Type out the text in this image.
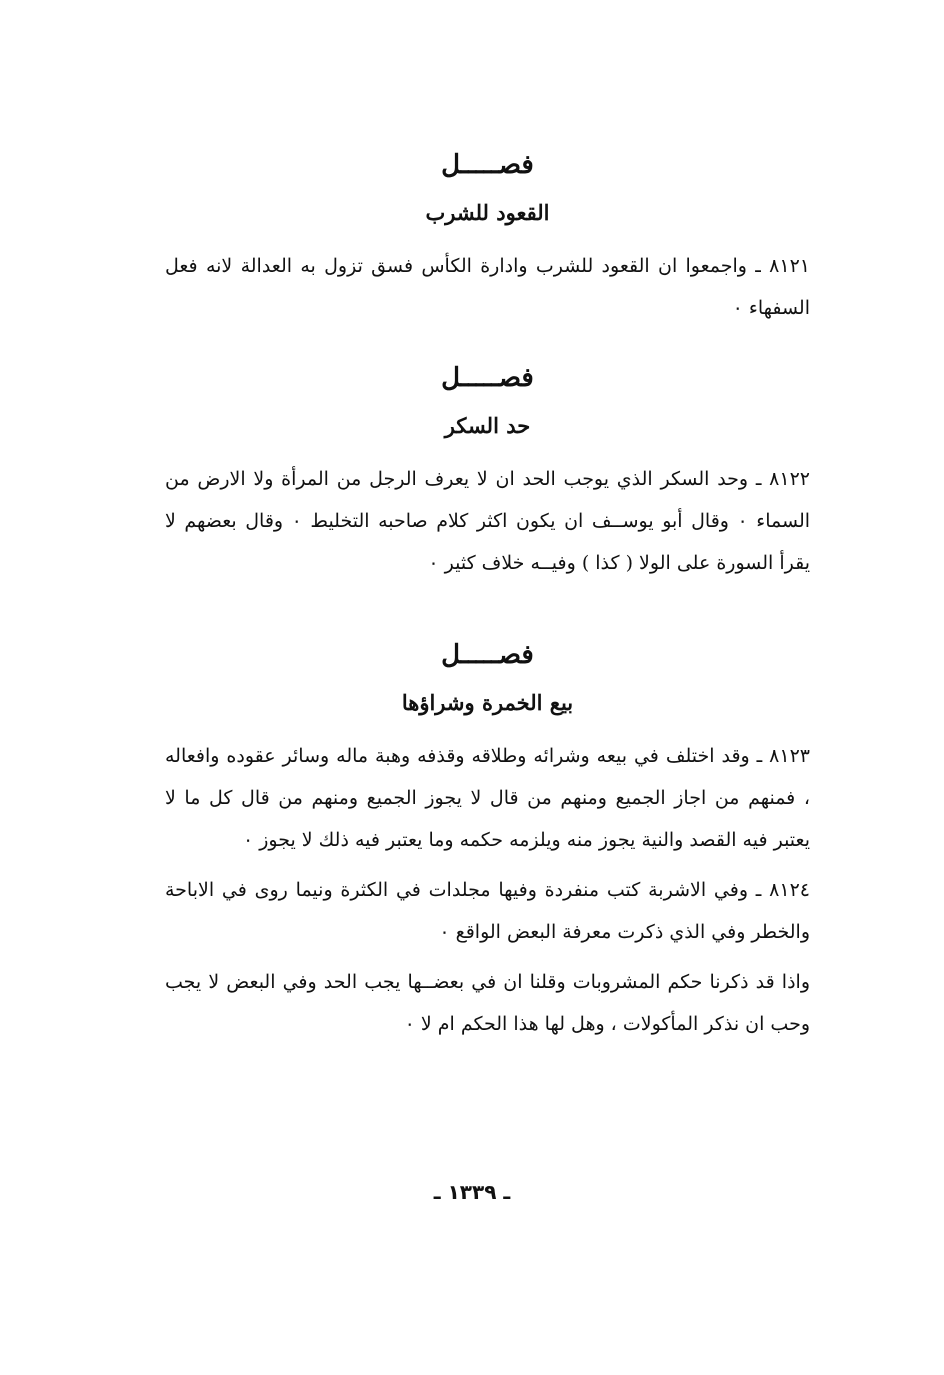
فصـــــل
القعود للشرب

٨١٢١ ـ واجمعوا ان القعود للشرب وادارة الكأس فسق تزول به العدالة لانه فعل السفهاء ٠

فصـــــل
حد السكر

٨١٢٢ ـ وحد السكر الذي يوجب الحد ان لا يعرف الرجل من المرأة ولا الارض من السماء ٠ وقال أبو يوســف ان يكون اكثر كلام صاحبه التخليط ٠ وقال بعضهم لا يقرأ السورة على الولا ( كذا ) وفيــه خلاف كثير ٠

فصـــــل
بيع الخمرة وشراؤها

٨١٢٣ ـ وقد اختلف في بيعه وشرائه وطلاقه وقذفه وهبة ماله وسائر عقوده وافعاله ، فمنهم من اجاز الجميع ومنهم من قال لا يجوز الجميع ومنهم من قال كل ما لا يعتبر فيه القصد والنية يجوز منه ويلزمه حكمه وما يعتبر فيه ذلك لا يجوز ٠

٨١٢٤ ـ وفي الاشربة كتب منفردة وفيها مجلدات في الكثرة ونيما روى في الاباحة والخطر وفي الذي ذكرت معرفة البعض الواقع ٠

واذا قد ذكرنا حكم المشروبات وقلنا ان في بعضــها يجب الحد وفي البعض لا يجب وحب ان نذكر المأكولات ، وهل لها هذا الحكم ام لا ٠

ـ ١٣٣٩ ـ
